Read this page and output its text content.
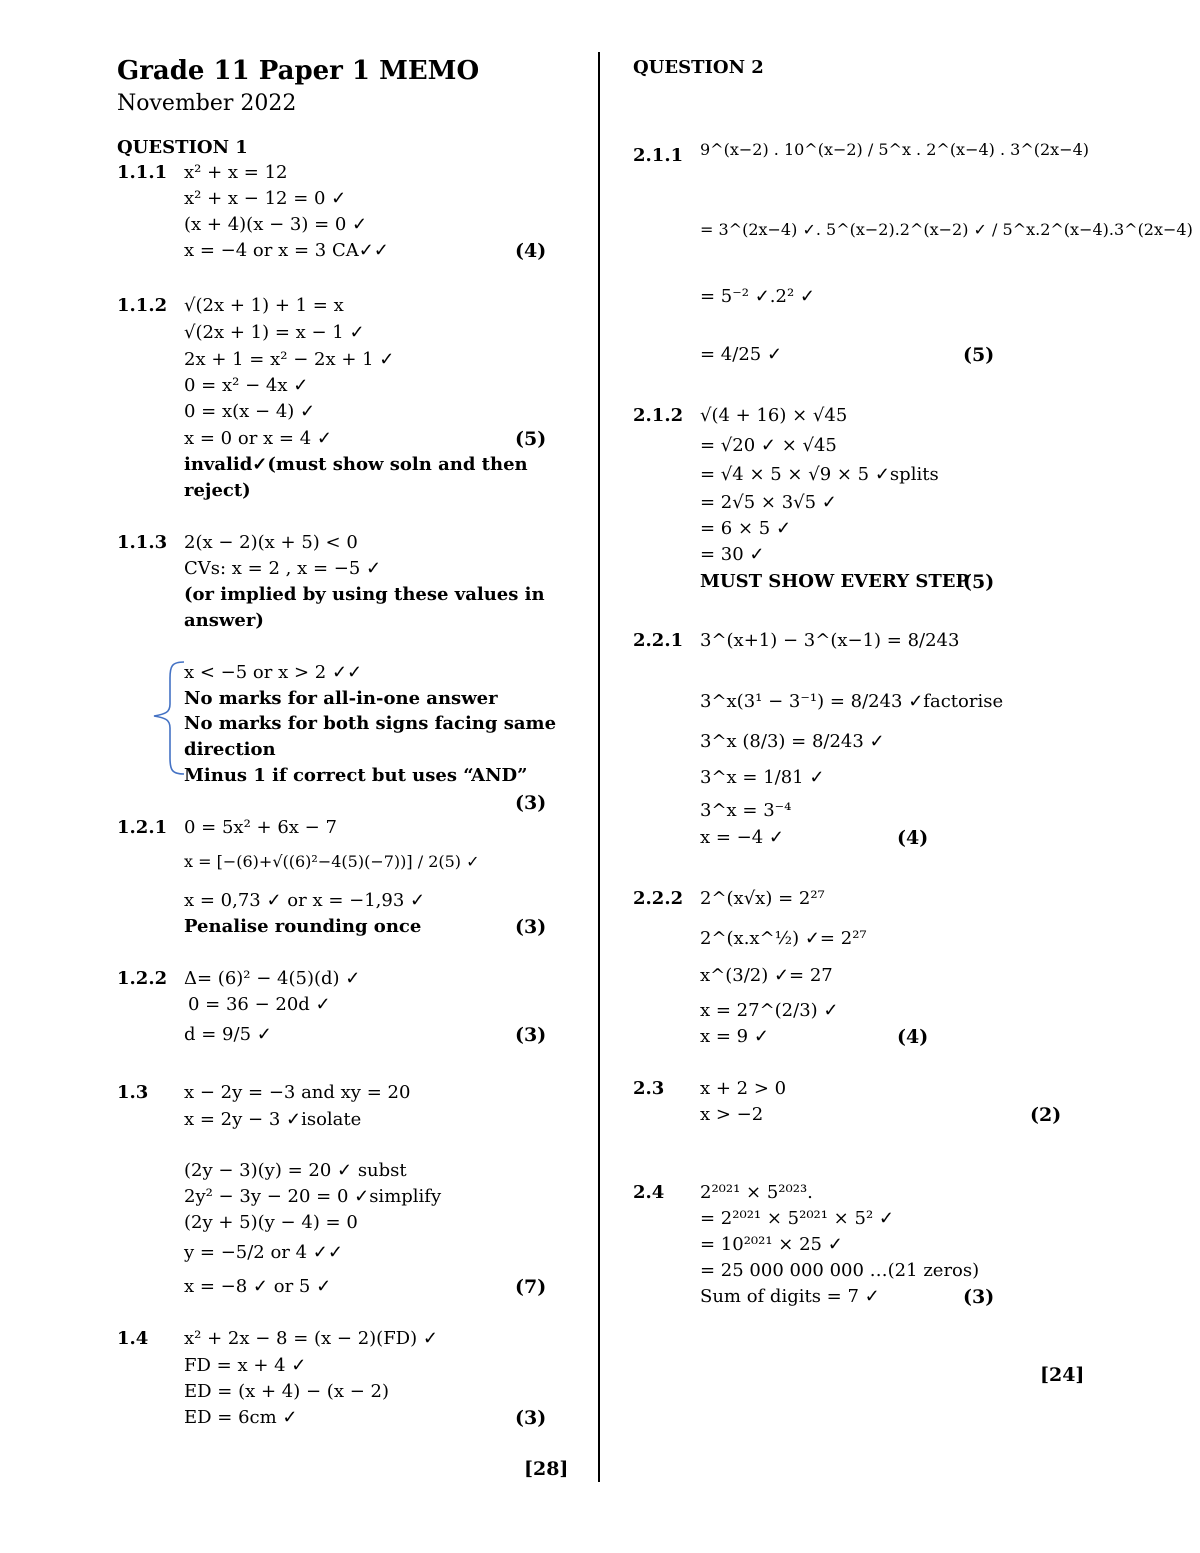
Grade 11 Paper 1 MEMO
November 2022
QUESTION 1
1.1.1 x² + x = 12
x² + x − 12 = 0 ✓
(x + 4)(x − 3) = 0 ✓
x = −4 or x = 3 CA✓✓	(4)
1.1.2 √(2x + 1) + 1 = x
√(2x + 1) = x − 1 ✓
2x + 1 = x² − 2x + 1 ✓
0 = x² − 4x ✓
0 = x(x − 4) ✓
x = 0 or x = 4 ✓	(5)
invalid✓(must show soln and then
reject)
1.1.3 2(x − 2)(x + 5) < 0
CVs: x = 2 , x = −5 ✓
(or implied by using these values in
answer)
x < −5 or x > 2 ✓✓
No marks for all-in-one answer
No marks for both signs facing same
direction
Minus 1 if correct but uses “AND”
(3)
1.2.1 0 = 5x² + 6x − 7
x = [−(6)+√((6)²−4(5)(−7))] / 2(5) ✓
x = 0,73 ✓ or x = −1,93 ✓
Penalise rounding once	(3)
1.2.2 Δ= (6)² − 4(5)(d) ✓
0 = 36 − 20d ✓
d = 9/5 ✓	(3)
1.3 x − 2y = −3 and xy = 20
x = 2y − 3 ✓isolate
(2y − 3)(y) = 20 ✓ subst
2y² − 3y − 20 = 0 ✓simplify
(2y + 5)(y − 4) = 0
y = −5/2 or 4 ✓✓
x = −8 ✓ or 5 ✓	(7)
1.4 x² + 2x − 8 = (x − 2)(FD) ✓
FD = x + 4 ✓
ED = (x + 4) − (x − 2)
ED = 6cm ✓	(3)
[28]
QUESTION 2
2.1.1 9^(x−2) . 10^(x−2) / 5^x . 2^(x−4) . 3^(2x−4)
= 3^(2x−4) ✓. 5^(x−2).2^(x−2) ✓ / 5^x.2^(x−4).3^(2x−4)
= 5⁻² ✓.2² ✓
= 4/25 ✓	(5)
2.1.2 √(4 + 16) × √45
= √20 ✓ × √45
= √4 × 5 × √9 × 5 ✓splits
= 2√5 × 3√5 ✓
= 6 × 5 ✓
= 30 ✓
MUST SHOW EVERY STEP
(5)
2.2.1 3^(x+1) − 3^(x−1) = 8/243
3^x(3¹ − 3⁻¹) = 8/243 ✓factorise
3^x (8/3) = 8/243 ✓
3^x = 1/81 ✓
3^x = 3⁻⁴
x = −4 ✓	(4)
2.2.2 2^(x√x) = 2²⁷
2^(x.x^½) ✓= 2²⁷
x^(3/2) ✓= 27
x = 27^(2/3) ✓
x = 9 ✓	(4)
2.3 x + 2 > 0
x > −2	(2)
2.4 2²⁰²¹ × 5²⁰²³.
= 2²⁰²¹ × 5²⁰²¹ × 5² ✓
= 10²⁰²¹ × 25 ✓
= 25 000 000 000 …(21 zeros)
Sum of digits = 7 ✓	(3)
[24]
